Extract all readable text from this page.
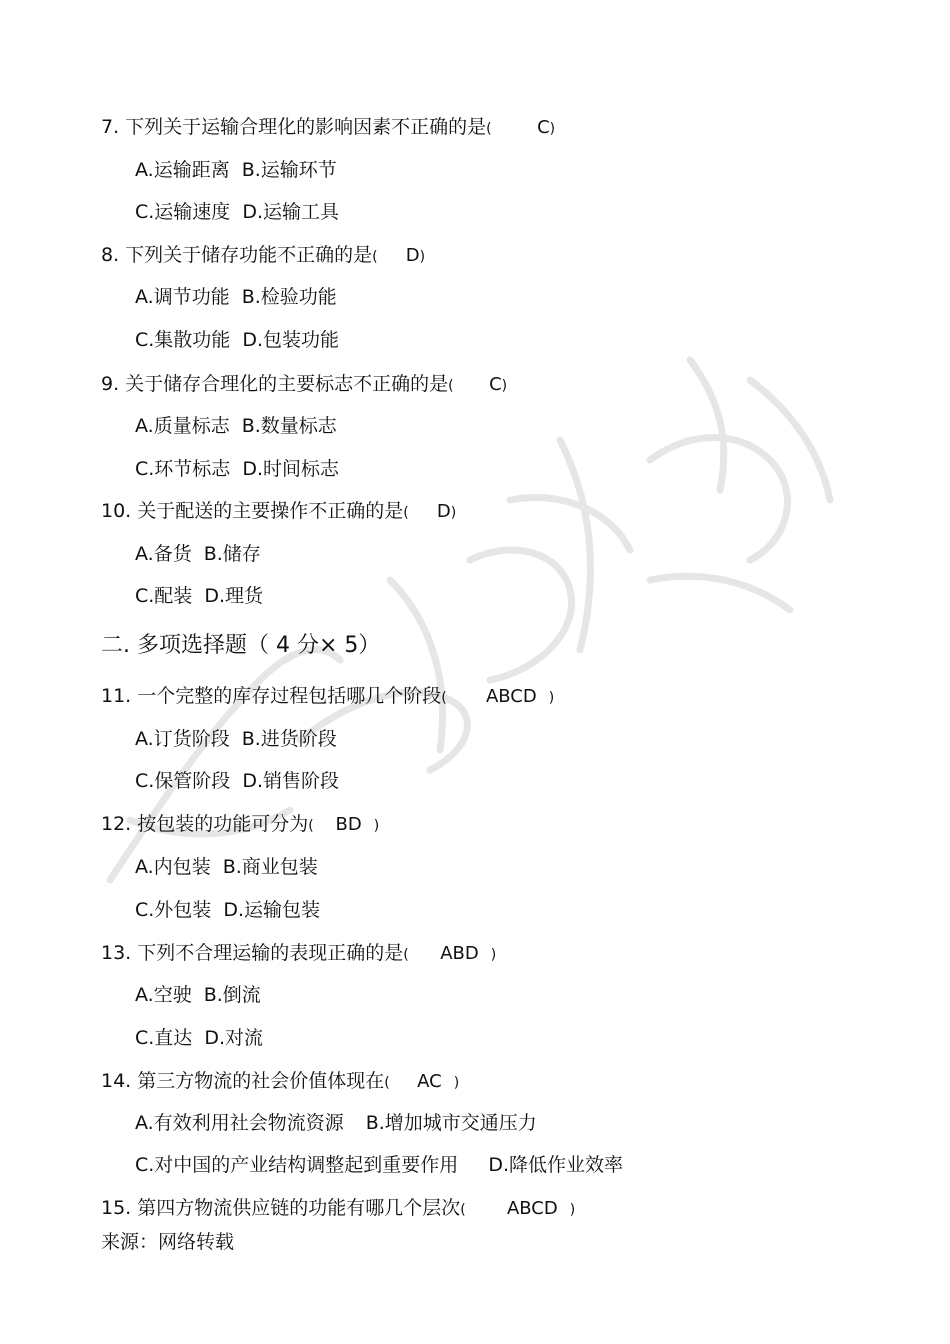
7. 下列关于运输合理化的影响因素不正确的是(	C)
A.运输距离 B.运输环节
C.运输速度 D.运输工具
8. 下列关于储存功能不正确的是( D)
A.调节功能 B.检验功能
C.集散功能 D.包装功能
9. 关于储存合理化的主要标志不正确的是( C)
A.质量标志 B.数量标志
C.环节标志 D.时间标志
10. 关于配送的主要操作不正确的是( D)
A.备货 B.储存
C.配装 D.理货
二. 多项选择题（ 4 分× 5）
11. 一个完整的库存过程包括哪几个阶段( ABCD )
A.订货阶段 B.进货阶段
C.保管阶段 D.销售阶段
12. 按包装的功能可分为( BD )
A.内包装 B.商业包装
C.外包装 D.运输包装
13. 下列不合理运输的表现正确的是( ABD )
A.空驶 B.倒流
C.直达 D.对流
14. 第三方物流的社会价值体现在( AC )
A.有效利用社会物流资源 B.增加城市交通压力
C.对中国的产业结构调整起到重要作用 D.降低作业效率
15. 第四方物流供应链的功能有哪几个层次( ABCD )
来源：网络转载
